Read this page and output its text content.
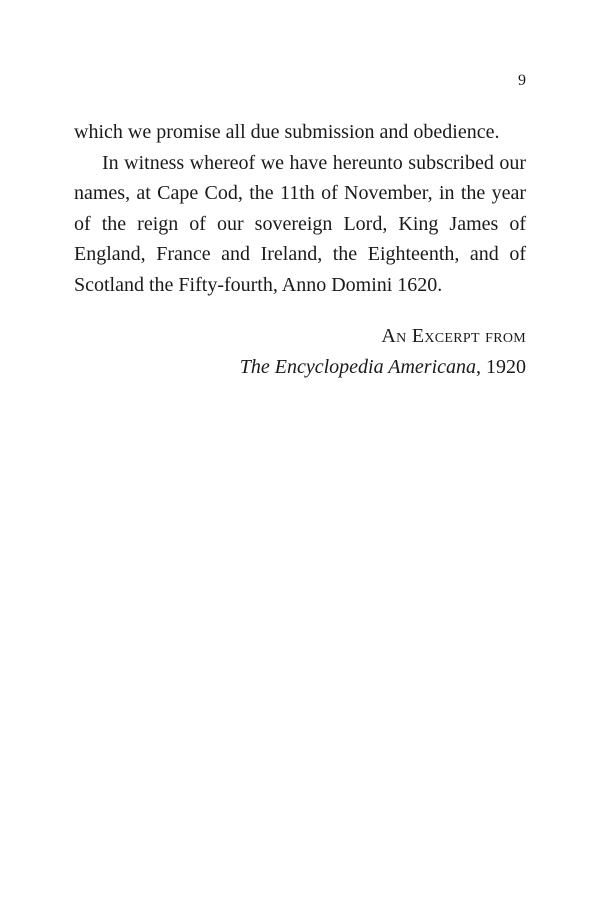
9

which we promise all due submission and obedience.

In witness whereof we have hereunto subscribed our names, at Cape Cod, the 11th of November, in the year of the reign of our sovereign Lord, King James of England, France and Ireland, the Eighteenth, and of Scotland the Fifty-fourth, Anno Domini 1620.

An Excerpt from
The Encyclopedia Americana, 1920
